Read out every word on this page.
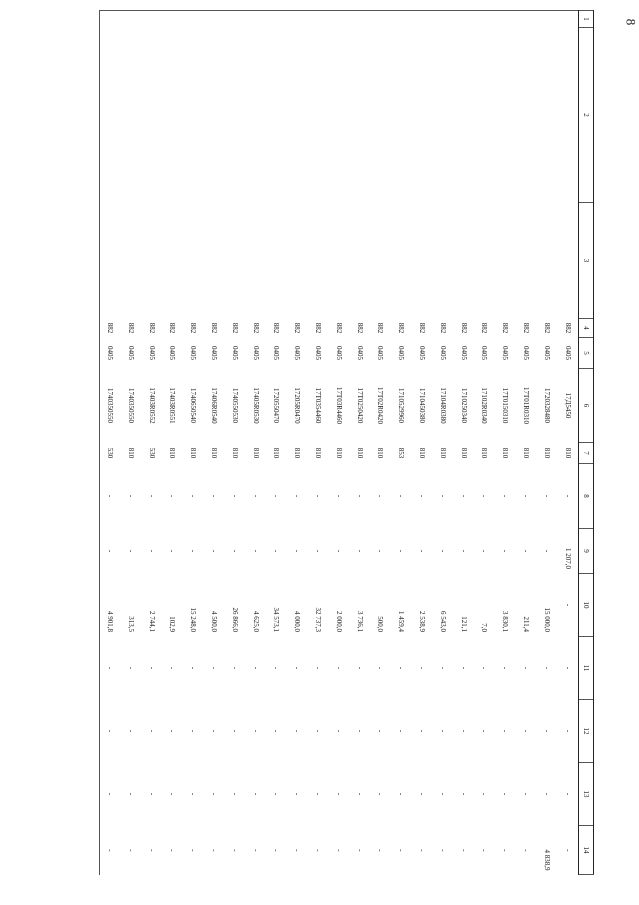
8
1	2	3	4	5	6	7	8	9	10	11	12	13	14
			882	0405	17Д5450	810	-	1 207,0	-	-	-	-	-
			882	0405	1720328480	810	-	-	15 000,0	-	-	-	4 838,9
			882	0405	17Т01R0310	810	-	-	211,4	-	-	-	-
			882	0405	17Т0150310	810	-	-	3 830,1	-	-	-	-
			882	0405	17102R0340	810	-	-	7,0	-	-	-	-
			882	0405	1710250340	810	-	-	121,1	-	-	-	-
			882	0405	17104R0380	810	-	-	6 543,0	-	-	-	-
			882	0405	1710450380	810	-	-	2 538,9	-	-	-	-
			882	0405	1710529960	853	-	-	1 459,4	-	-	-	-
			882	0405	17Т02R0420	810	-	-	500,0	-	-	-	-
			882	0405	17Т0250420	810	-	-	3 736,1	-	-	-	-
			882	0405	17Т03R4460	810	-	-	2 000,0	-	-	-	-
			882	0405	17Т0354460	810	-	-	32 737,3	-	-	-	-
			882	0405	17205R0470	810	-	-	4 000,0	-	-	-	-
			882	0405	1720550470	810	-	-	34 573,1	-	-	-	-
			882	0405	17405R0530	810	-	-	4 625,0	-	-	-	-
			882	0405	1740550530	810	-	-	26 866,0	-	-	-	-
			882	0405	17406R0540	810	-	-	4 500,0	-	-	-	-
			882	0405	1740650540	810	-	-	15 248,0	-	-	-	-
			882	0405	17403R0551	810	-	-	102,9	-	-	-	-
			882	0405	17403R0552	530	-	-	2 744,1	-	-	-	-
			882	0405	1740350550	810	-	-	313,5	-	-	-	-
			882	0405	1740350550	530	-	-	4 901,8	-	-	-	-
